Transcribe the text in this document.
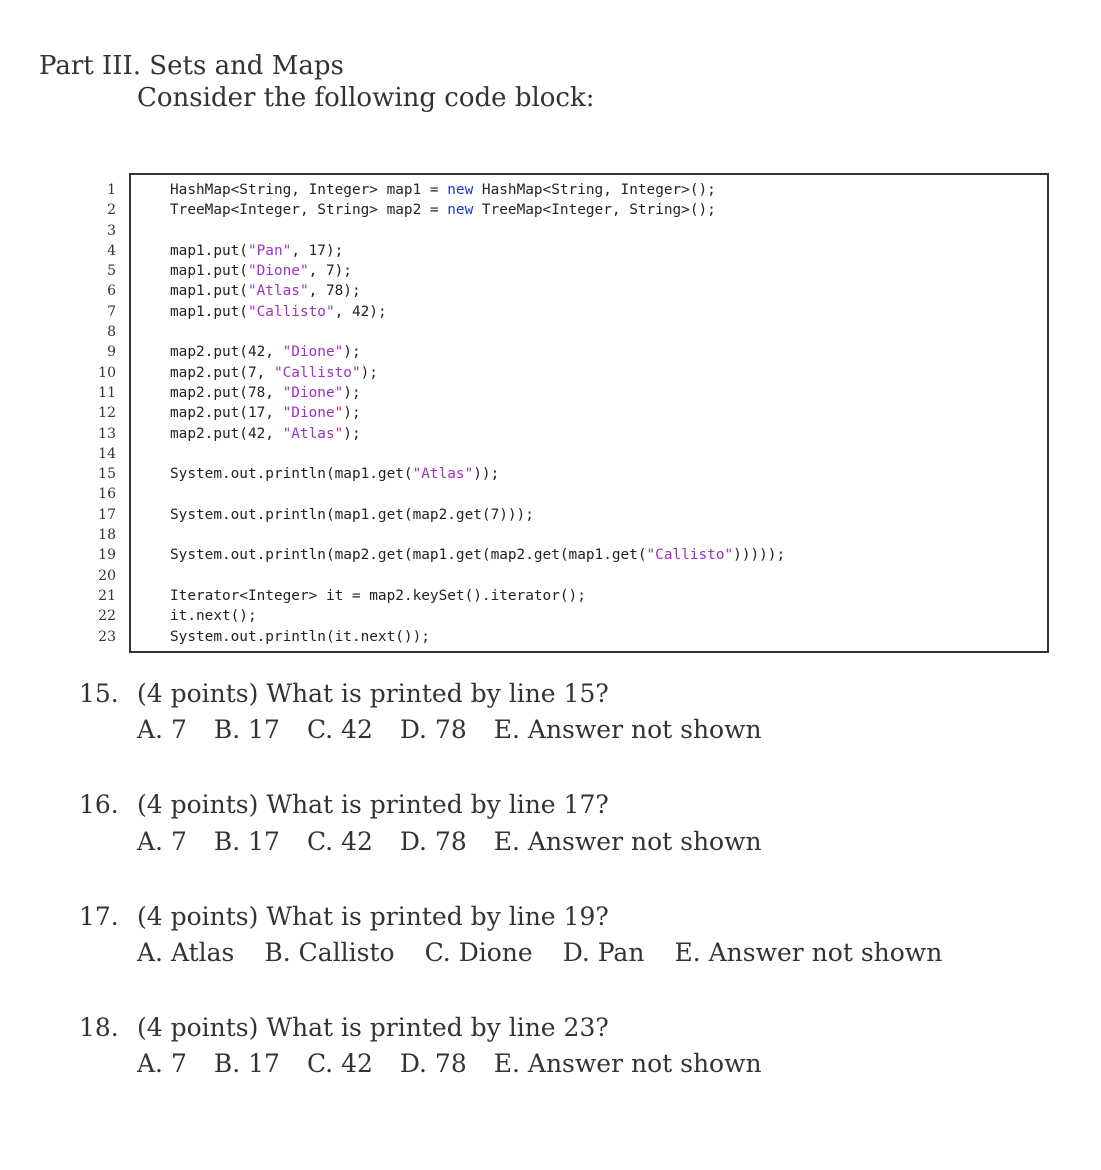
Part III. Sets and Maps
Consider the following code block:
1
2
3
4
5
6
7
8
9
10
11
12
13
14
15
16
17
18
19
20
21
22
23
HashMap<String, Integer> map1 = new HashMap<String, Integer>();
TreeMap<Integer, String> map2 = new TreeMap<Integer, String>();

map1.put("Pan", 17);
map1.put("Dione", 7);
map1.put("Atlas", 78);
map1.put("Callisto", 42);

map2.put(42, "Dione");
map2.put(7, "Callisto");
map2.put(78, "Dione");
map2.put(17, "Dione");
map2.put(42, "Atlas");

System.out.println(map1.get("Atlas"));

System.out.println(map1.get(map2.get(7)));

System.out.println(map2.get(map1.get(map2.get(map1.get("Callisto")))));

Iterator<Integer> it = map2.keySet().iterator();
it.next();
System.out.println(it.next());
15. (4 points) What is printed by line 15?
A. 7 B. 17 C. 42 D. 78 E. Answer not shown
16. (4 points) What is printed by line 17?
A. 7 B. 17 C. 42 D. 78 E. Answer not shown
17. (4 points) What is printed by line 19?
A. Atlas B. Callisto C. Dione D. Pan E. Answer not shown
18. (4 points) What is printed by line 23?
A. 7 B. 17 C. 42 D. 78 E. Answer not shown
